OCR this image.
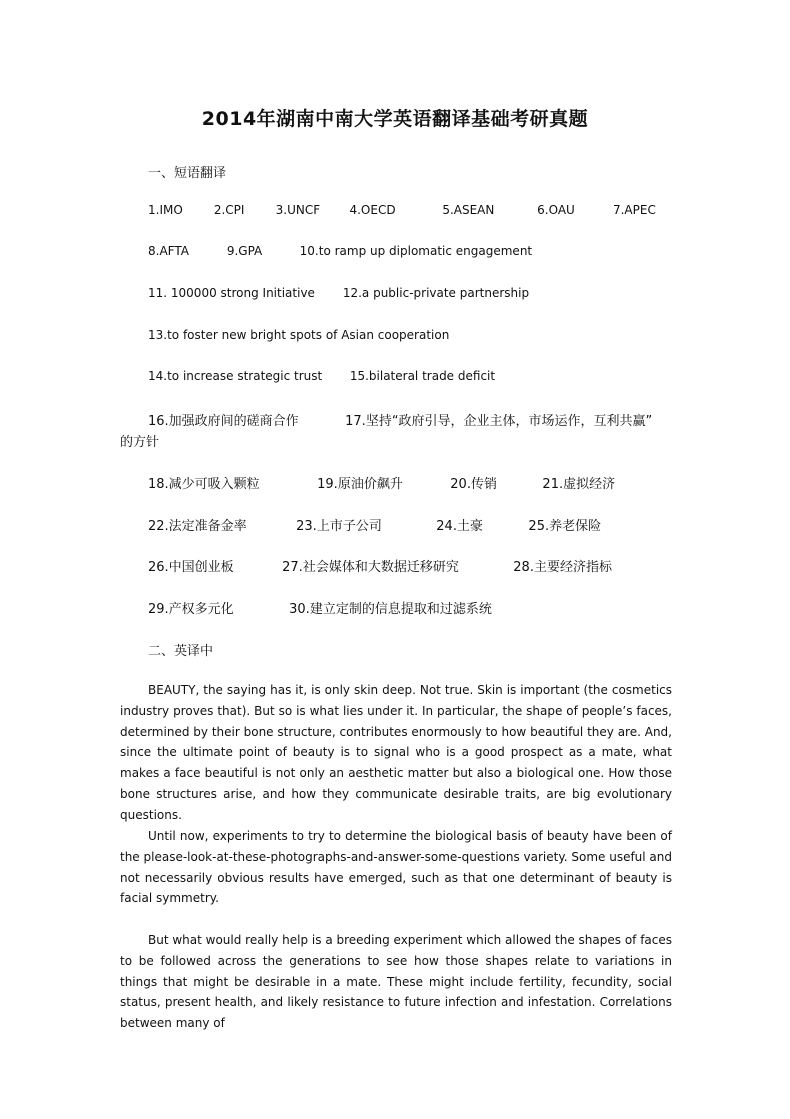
2014年湖南中南大学英语翻译基础考研真题
一、短语翻译
1.IMO	2.CPI	3.UNCF 4.OECD	5.ASEAN	6.OAU	7.APEC
8.AFTA	9.GPA	10.to ramp up diplomatic engagement
11. 100000 strong Initiative 12.a public-private partnership
13.to foster new bright spots of Asian cooperation
14.to increase strategic trust 15.bilateral trade deficit
16.加强政府间的磋商合作	17.坚持“政府引导，企业主体，市场运作，互利共赢”
的方针
18.减少可吸入颗粒	19.原油价飙升	20.传销	21.虚拟经济
22.法定准备金率	23.上市子公司	24.土豪	25.养老保险
26.中国创业板	27.社会媒体和大数据迁移研究	28.主要经济指标
29.产权多元化	30.建立定制的信息提取和过滤系统
二、英译中

BEAUTY, the saying has it, is only skin deep. Not true. Skin is important (the cosmetics industry proves that). But so is what lies under it. In particular, the shape of people’s faces, determined by their bone structure, contributes enormously to how beautiful they are. And, since the ultimate point of beauty is to signal who is a good prospect as a mate, what makes a face beautiful is not only an aesthetic matter but also a biological one. How those bone structures arise, and how they communicate desirable traits, are big evolutionary questions.

Until now, experiments to try to determine the biological basis of beauty have been of the please-look-at-these-photographs-and-answer-some-questions variety. Some useful and not necessarily obvious results have emerged, such as that one determinant of beauty is facial symmetry.

But what would really help is a breeding experiment which allowed the shapes of faces to be followed across the generations to see how those shapes relate to variations in things that might be desirable in a mate. These might include fertility, fecundity, social status, present health, and likely resistance to future infection and infestation. Correlations between many of
